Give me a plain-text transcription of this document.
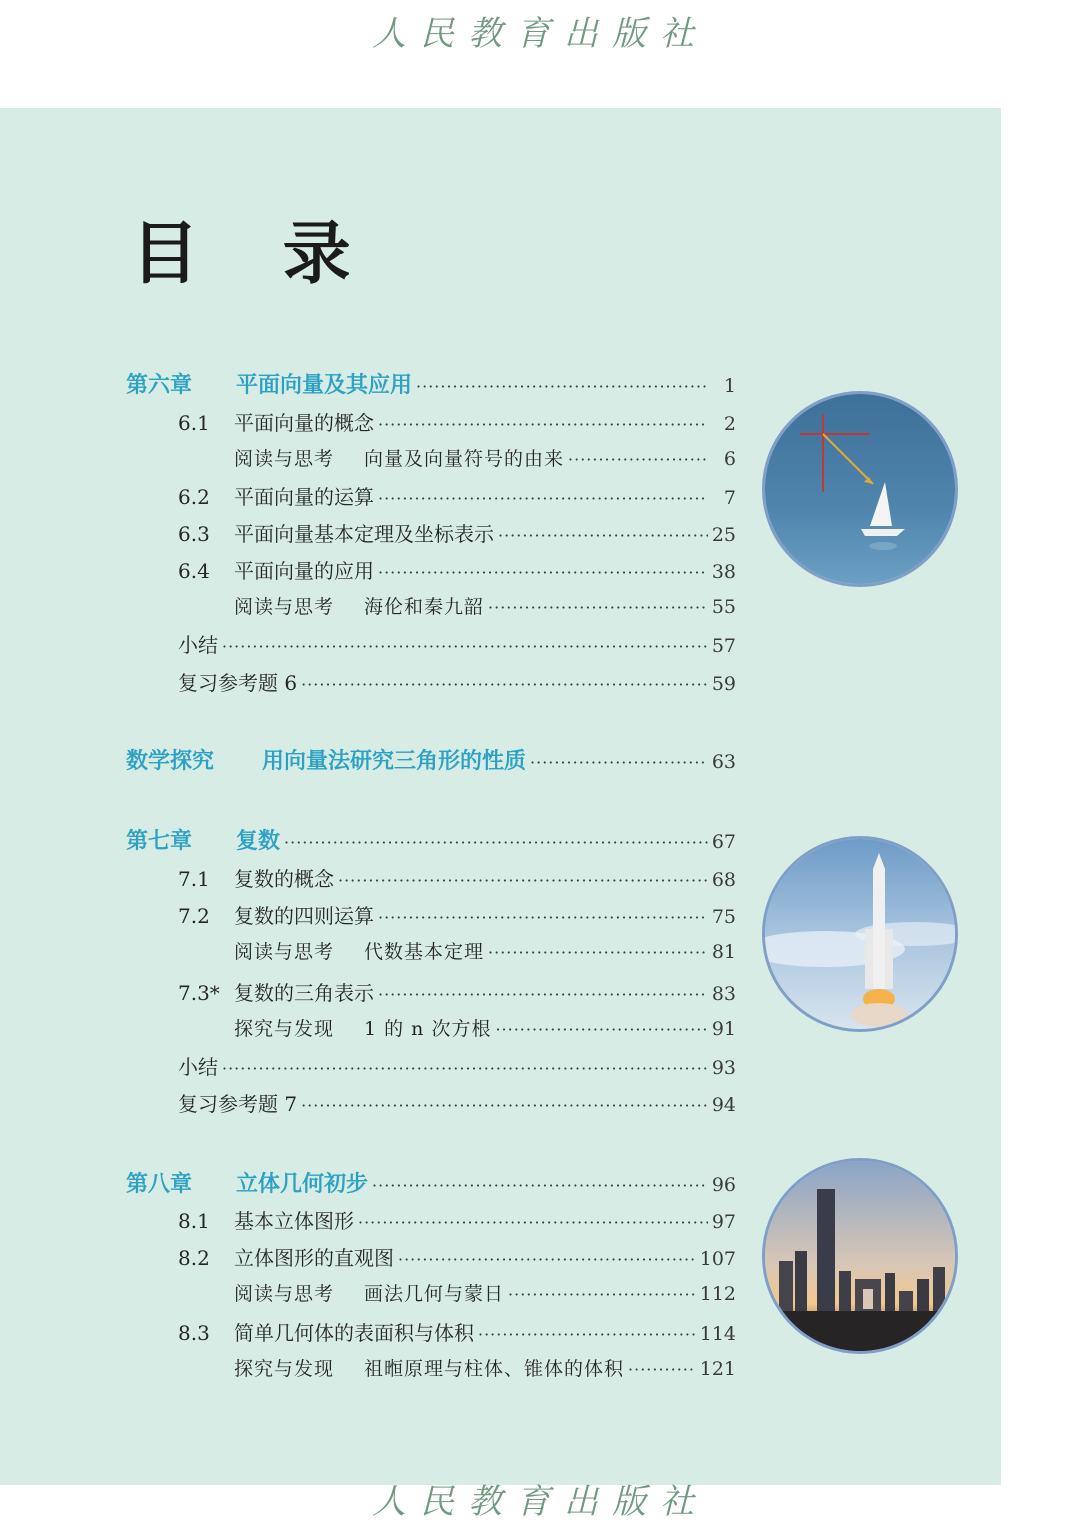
人民教育出版社
目 录
第六章 平面向量及其应用 ·····	1
6.1 平面向量的概念 ·····	2
阅读与思考 向量及向量符号的由来 ·····	6
6.2 平面向量的运算 ·····	7
6.3 平面向量基本定理及坐标表示 ·····	25
6.4 平面向量的应用 ·····	38
阅读与思考 海伦和秦九韶 ·····	55
小结 ·····	57
复习参考题 6 ·····	59
数学探究 用向量法研究三角形的性质 ·····	63
第七章 复数 ·····	67
7.1 复数的概念 ·····	68
7.2 复数的四则运算 ·····	75
阅读与思考 代数基本定理 ·····	81
7.3* 复数的三角表示 ·····	83
探究与发现 1 的 n 次方根 ·····	91
小结 ·····	93
复习参考题 7 ·····	94
第八章 立体几何初步 ·····	96
8.1 基本立体图形 ·····	97
8.2 立体图形的直观图 ·····	107
阅读与思考 画法几何与蒙日 ·····	112
8.3 简单几何体的表面积与体积 ·····	114
探究与发现 祖暅原理与柱体、锥体的体积 ·····	121
人民教育出版社
